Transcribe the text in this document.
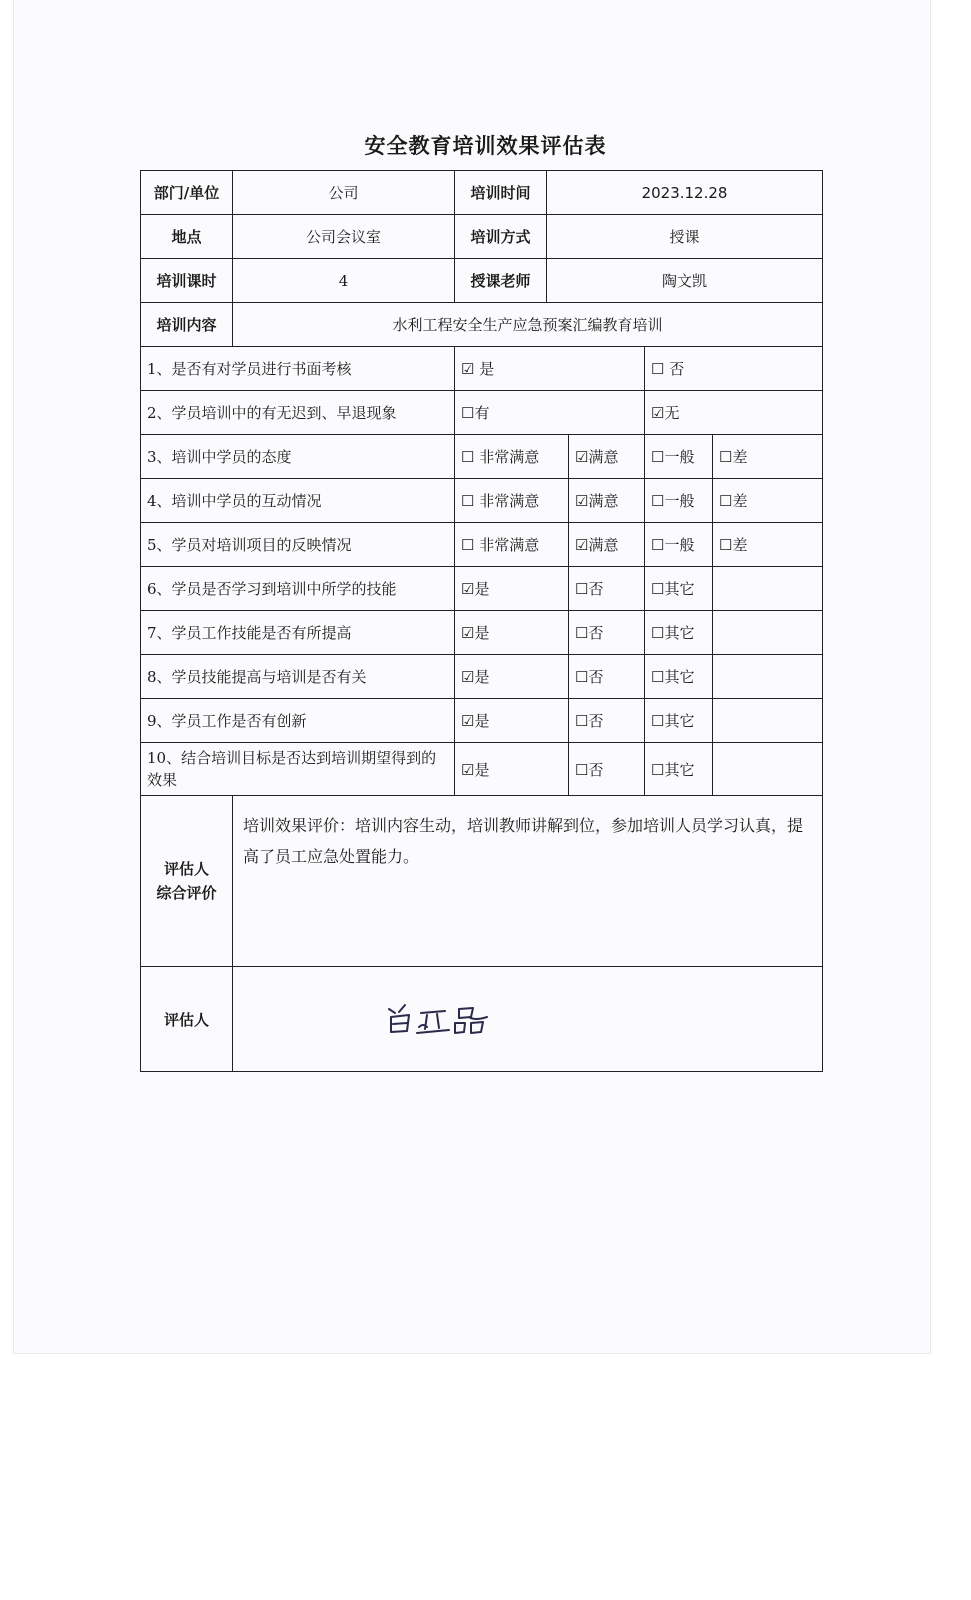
安全教育培训效果评估表
部门/单位	公司	培训时间	2023.12.28			
地点	公司会议室	培训方式	授课			
培训课时	4	授课老师	陶文凯			
培训内容	水利工程安全生产应急预案汇编教育培训					
1、是否有对学员进行书面考核		☑ 是			☐ 否	
2、学员培训中的有无迟到、早退现象		☐有			☑无	
3、培训中学员的态度		☐ 非常满意		☑满意	☐一般	☐差
4、培训中学员的互动情况		☐ 非常满意		☑满意	☐一般	☐差
5、学员对培训项目的反映情况		☐ 非常满意		☑满意	☐一般	☐差
6、学员是否学习到培训中所学的技能		☑是		☐否	☐其它	
7、学员工作技能是否有所提高		☑是		☐否	☐其它	
8、学员技能提高与培训是否有关		☑是		☐否	☐其它	
9、学员工作是否有创新		☑是		☐否	☐其它	
10、结合培训目标是否达到培训期望得到的效果		☑是		☐否	☐其它	

评估人
综合评价	培训效果评价：培训内容生动，培训教师讲解到位，参加培训人员学习认真，提高了员工应急处置能力。					
评估人	
